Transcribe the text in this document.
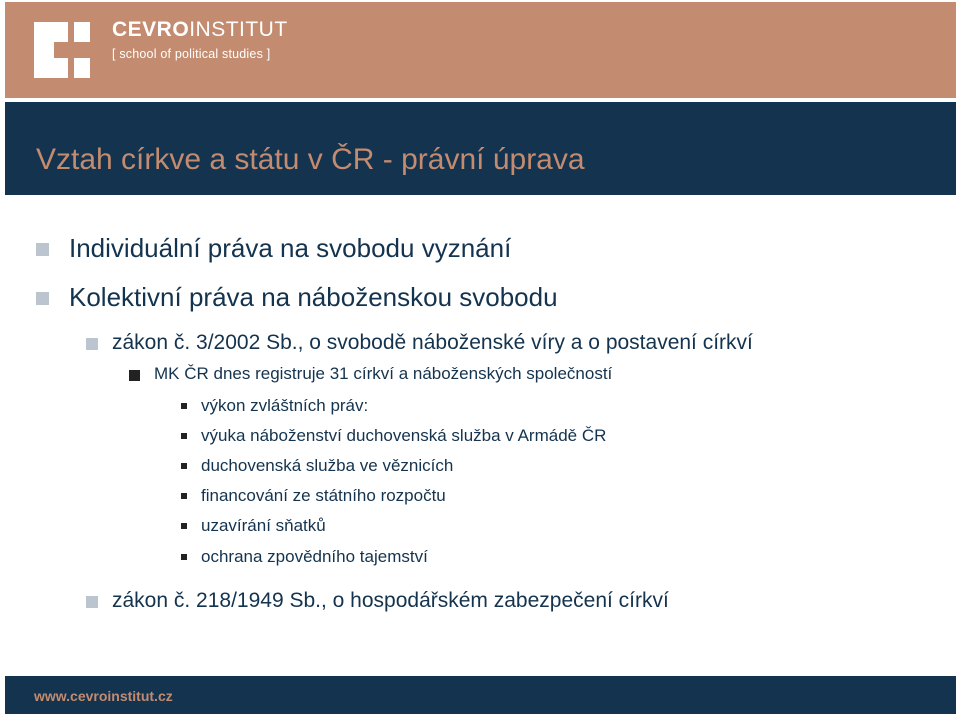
CEVROINSTITUT
[ school of political studies ]
Vztah církve a státu v ČR - právní úprava
Individuální práva na svobodu vyznání
Kolektivní práva na náboženskou svobodu
zákon č. 3/2002 Sb., o svobodě náboženské víry a o postavení církví
MK ČR dnes registruje 31 církví a náboženských společností
výkon zvláštních práv:
výuka náboženství duchovenská služba v Armádě ČR
duchovenská služba ve věznicích
financování ze státního rozpočtu
uzavírání sňatků
ochrana zpovědního tajemství
zákon č. 218/1949 Sb., o hospodářském zabezpečení církví
www.cevroinstitut.cz
